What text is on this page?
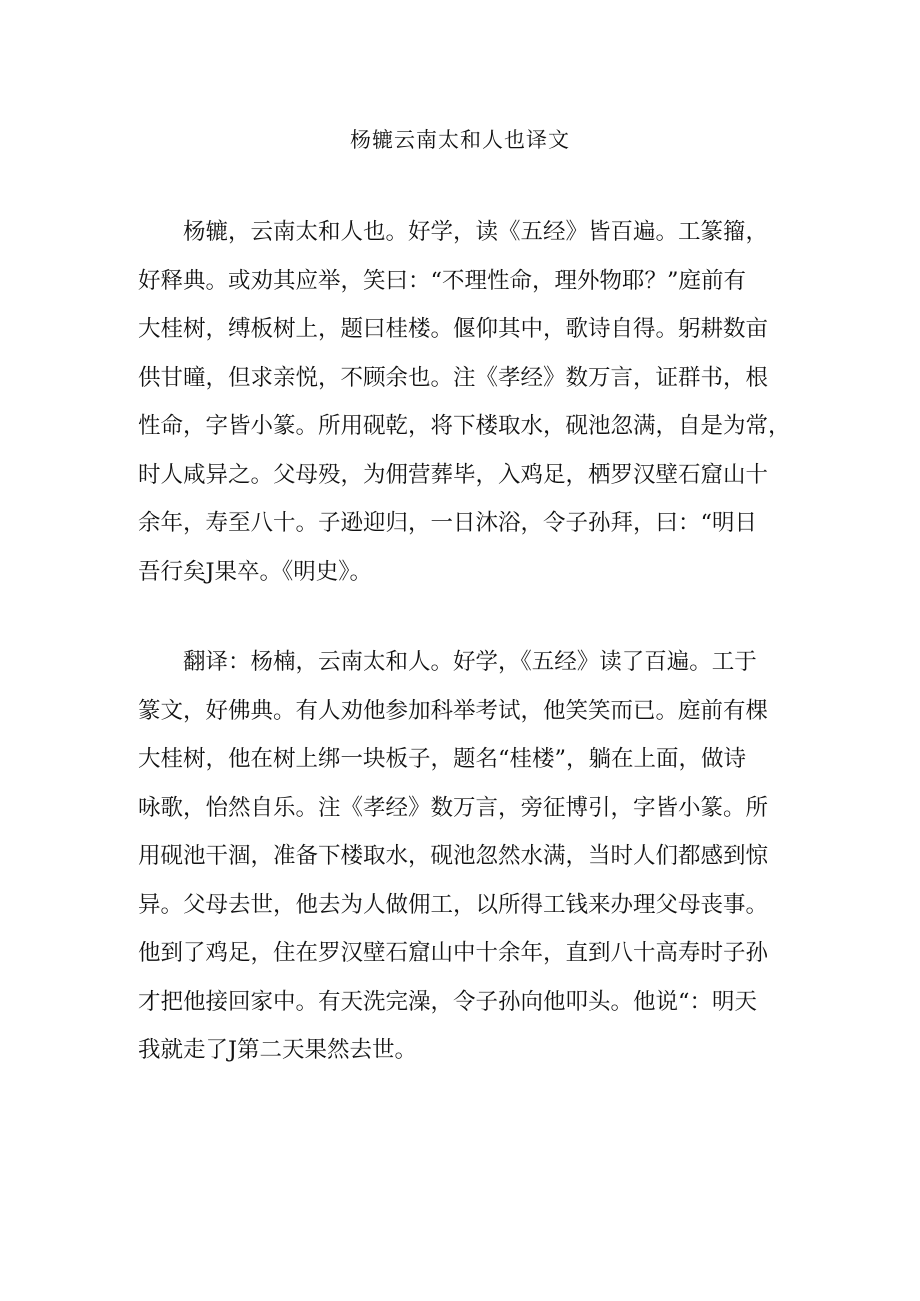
杨辘云南太和人也译文
杨辘，云南太和人也。好学，读《五经》皆百遍。工篆籀，
好释典。或劝其应举，笑曰：“不理性命，理外物耶？”庭前有
大桂树，缚板树上，题曰桂楼。偃仰其中，歌诗自得。躬耕数亩
供甘曈，但求亲悦，不顾余也。注《孝经》数万言，证群书，根
性命，字皆小篆。所用砚乾，将下楼取水，砚池忽满，自是为常，
时人咸异之。父母殁，为佣营葬毕，入鸡足，栖罗汉壁石窟山十
余年，寿至八十。子逊迎归，一日沐浴，令子孙拜，曰：“明日
吾行矣J果卒。《明史》。
翻译：杨楠，云南太和人。好学，《五经》读了百遍。工于
篆文，好佛典。有人劝他参加科举考试，他笑笑而已。庭前有棵
大桂树，他在树上绑一块板子，题名“桂楼”，躺在上面，做诗
咏歌，怡然自乐。注《孝经》数万言，旁征博引，字皆小篆。所
用砚池干涸，准备下楼取水，砚池忽然水满，当时人们都感到惊
异。父母去世，他去为人做佣工，以所得工钱来办理父母丧事。
他到了鸡足，住在罗汉壁石窟山中十余年，直到八十高寿时子孙
才把他接回家中。有天洗完澡，令子孙向他叩头。他说“：明天
我就走了J第二天果然去世。
